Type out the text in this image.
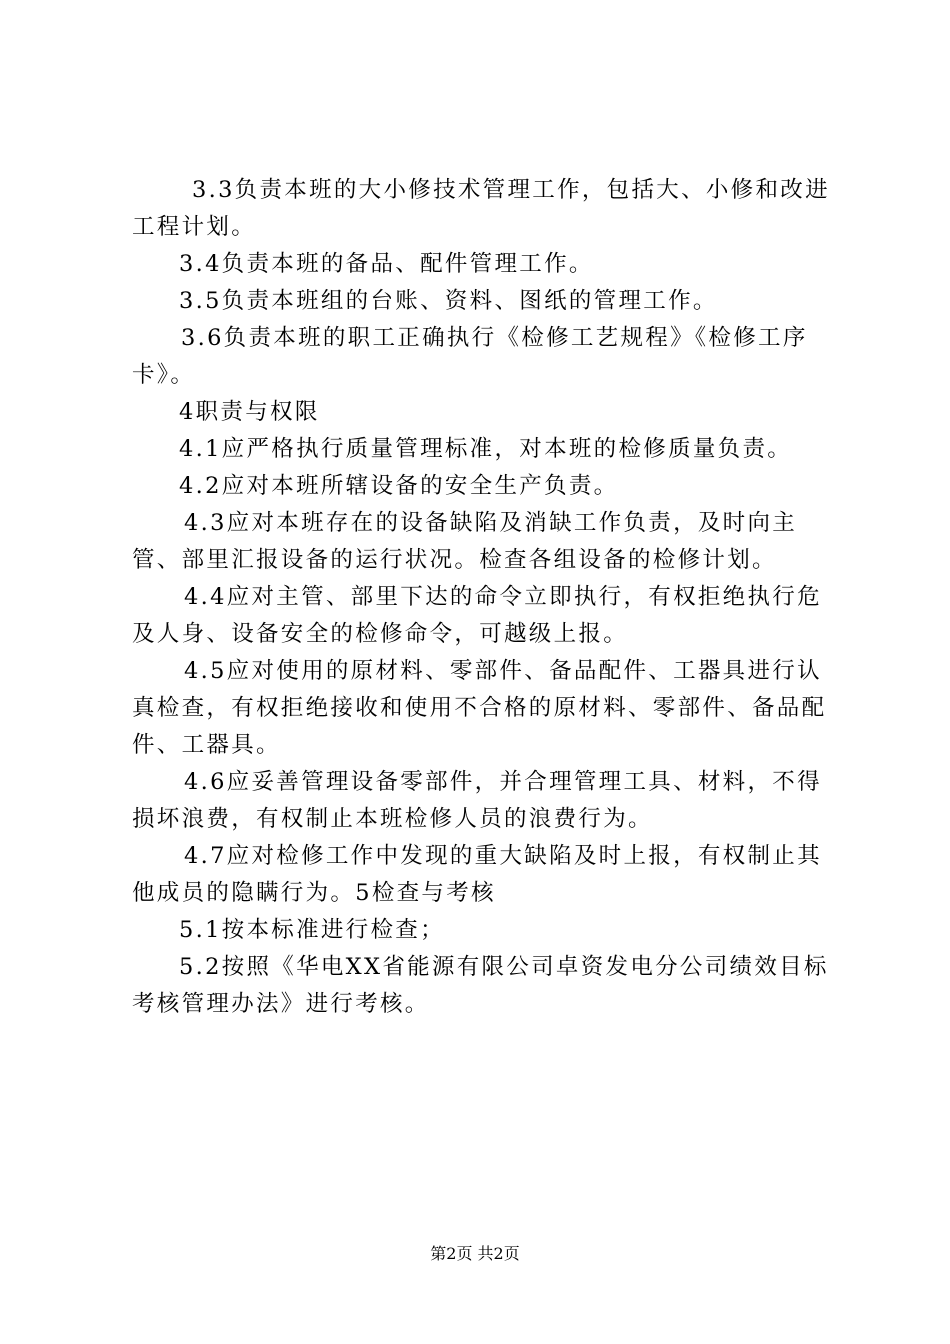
3.3负责本班的大小修技术管理工作，包括大、小修和改进工程计划。

3.4负责本班的备品、配件管理工作。

3.5负责本班组的台账、资料、图纸的管理工作。

3.6负责本班的职工正确执行《检修工艺规程》《检修工序卡》。

4职责与权限

4.1应严格执行质量管理标准，对本班的检修质量负责。

4.2应对本班所辖设备的安全生产负责。

4.3应对本班存在的设备缺陷及消缺工作负责，及时向主管、部里汇报设备的运行状况。检查各组设备的检修计划。

4.4应对主管、部里下达的命令立即执行，有权拒绝执行危及人身、设备安全的检修命令，可越级上报。

4.5应对使用的原材料、零部件、备品配件、工器具进行认真检查，有权拒绝接收和使用不合格的原材料、零部件、备品配件、工器具。

4.6应妥善管理设备零部件，并合理管理工具、材料，不得损坏浪费，有权制止本班检修人员的浪费行为。

4.7应对检修工作中发现的重大缺陷及时上报，有权制止其他成员的隐瞒行为。5检查与考核

5.1按本标准进行检查；

5.2按照《华电XX省能源有限公司卓资发电分公司绩效目标考核管理办法》进行考核。

第2页 共2页
